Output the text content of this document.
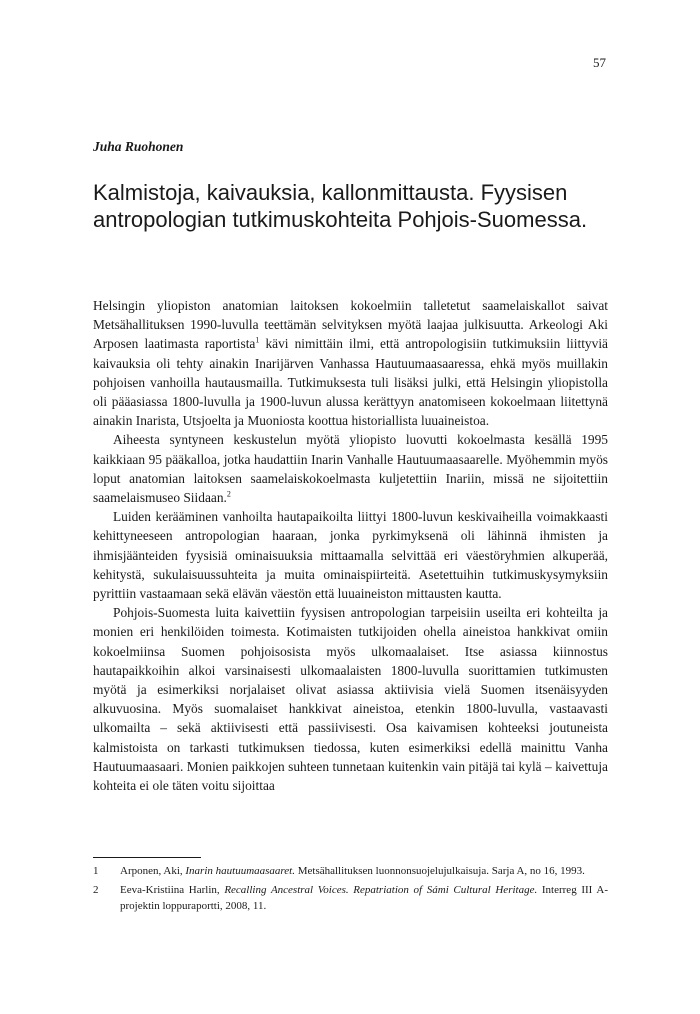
57
Juha Ruohonen
Kalmistoja, kaivauksia, kallonmittausta. Fyysisen antropologian tutkimuskohteita Pohjois-Suomessa.

Helsingin yliopiston anatomian laitoksen kokoelmiin talletetut saamelaiskallot saivat Metsähallituksen 1990-luvulla teettämän selvityksen myötä laajaa julkisuutta. Arkeologi Aki Arposen laatimasta raportista$^1$ kävi nimittäin ilmi, että antropologisiin tutkimuksiin liittyviä kaivauksia oli tehty ainakin Inarijärven Vanhassa Hautuumaasaaressa, ehkä myös muillakin pohjoisen vanhoilla hautausmailla. Tutkimuksesta tuli lisäksi julki, että Helsingin yliopistolla oli pääasiassa 1800-luvulla ja 1900-luvun alussa kerättyyn anatomiseen kokoelmaan liitettynä ainakin Inarista, Utsjoelta ja Muoniosta koottua historiallista luuaineistoa.

Aiheesta syntyneen keskustelun myötä yliopisto luovutti kokoelmasta kesällä 1995 kaikkiaan 95 pääkalloa, jotka haudattiin Inarin Vanhalle Hautuumaasaarelle. Myöhemmin myös loput anatomian laitoksen saamelaiskokoelmasta kuljetettiin Inariin, missä ne sijoitettiin saamelaismuseo Siidaan.$^2$

Luiden kerääminen vanhoilta hautapaikoilta liittyi 1800-luvun keskivaiheilla voimakkaasti kehittyneeseen antropologian haaraan, jonka pyrkimyksenä oli lähinnä ihmisten ja ihmisjäänteiden fyysisiä ominaisuuksia mittaamalla selvittää eri väestöryhmien alkuperää, kehitystä, sukulaisuussuhteita ja muita ominaispiirteitä. Asetettuihin tutkimuskysymyksiin pyrittiin vastaamaan sekä elävän väestön että luuaineiston mittausten kautta.

Pohjois-Suomesta luita kaivettiin fyysisen antropologian tarpeisiin useilta eri kohteilta ja monien eri henkilöiden toimesta. Kotimaisten tutkijoiden ohella aineistoa hankkivat omiin kokoelmiinsa Suomen pohjoisosista myös ulkomaalaiset. Itse asiassa kiinnostus hautapaikkoihin alkoi varsinaisesti ulkomaalaisten 1800-luvulla suorittamien tutkimusten myötä ja esimerkiksi norjalaiset olivat asiassa aktiivisia vielä Suomen itsenäisyyden alkuvuosina. Myös suomalaiset hankkivat aineistoa, etenkin 1800-luvulla, vastaavasti ulkomailta – sekä aktiivisesti että passiivisesti. Osa kaivamisen kohteeksi joutuneista kalmistoista on tarkasti tutkimuksen tiedossa, kuten esimerkiksi edellä mainittu Vanha Hautuumaasaari. Monien paikkojen suhteen tunnetaan kuitenkin vain pitäjä tai kylä – kaivettuja kohteita ei ole täten voitu sijoittaa

1	Arponen, Aki, Inarin hautuumaasaaret. Metsähallituksen luonnonsuojelujulkaisuja. Sarja A, no 16, 1993.
2	Eeva-Kristiina Harlin, Recalling Ancestral Voices. Repatriation of Sámi Cultural Heritage. Interreg III A-projektin loppuraportti, 2008, 11.
